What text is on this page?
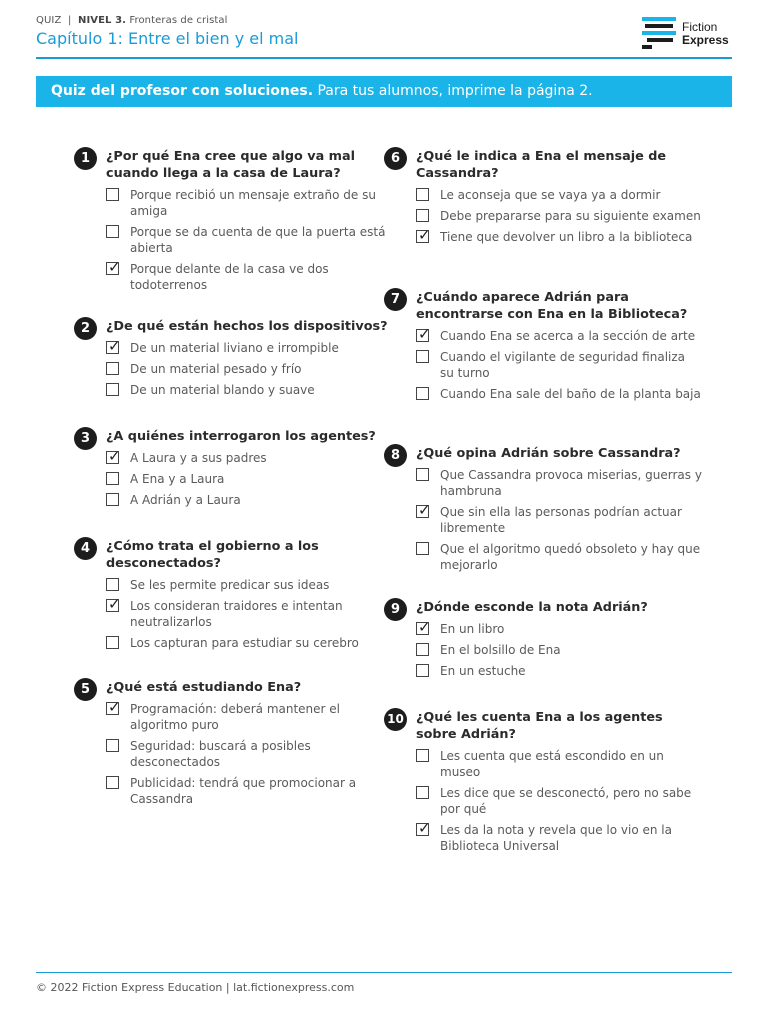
QUIZ  |  NIVEL 3. Fronteras de cristal
Capítulo 1: Entre el bien y el mal
Fiction
Express
Quiz del profesor con soluciones. Para tus alumnos, imprime la página 2.
1	¿Por qué Ena cree que algo va mal cuando llega a la casa de Laura?
Porque recibió un mensaje extraño de su amiga
Porque se da cuenta de que la puerta está abierta
✓ Porque delante de la casa ve dos todoterrenos
2	¿De qué están hechos los dispositivos?
✓ De un material liviano e irrompible
De un material pesado y frío
De un material blando y suave
3	¿A quiénes interrogaron los agentes?
✓ A Laura y a sus padres
A Ena y a Laura
A Adrián y a Laura
4	¿Cómo trata el gobierno a los desconectados?
Se les permite predicar sus ideas
✓ Los consideran traidores e intentan neutralizarlos
Los capturan para estudiar su cerebro
5	¿Qué está estudiando Ena?
✓ Programación: deberá mantener el algoritmo puro
Seguridad: buscará a posibles desconectados
Publicidad: tendrá que promocionar a Cassandra
6	¿Qué le indica a Ena el mensaje de Cassandra?
Le aconseja que se vaya ya a dormir
Debe prepararse para su siguiente examen
✓ Tiene que devolver un libro a la biblioteca
7	¿Cuándo aparece Adrián para encontrarse con Ena en la Biblioteca?
✓ Cuando Ena se acerca a la sección de arte
Cuando el vigilante de seguridad finaliza su turno
Cuando Ena sale del baño de la planta baja
8	¿Qué opina Adrián sobre Cassandra?
Que Cassandra provoca miserias, guerras y hambruna
✓ Que sin ella las personas podrían actuar libremente
Que el algoritmo quedó obsoleto y hay que mejorarlo
9	¿Dónde esconde la nota Adrián?
✓ En un libro
En el bolsillo de Ena
En un estuche
10 ¿Qué les cuenta Ena a los agentes sobre Adrián?
Les cuenta que está escondido en un museo
Les dice que se desconectó, pero no sabe por qué
✓ Les da la nota y revela que lo vio en la Biblioteca Universal
© 2022 Fiction Express Education | lat.fictionexpress.com
